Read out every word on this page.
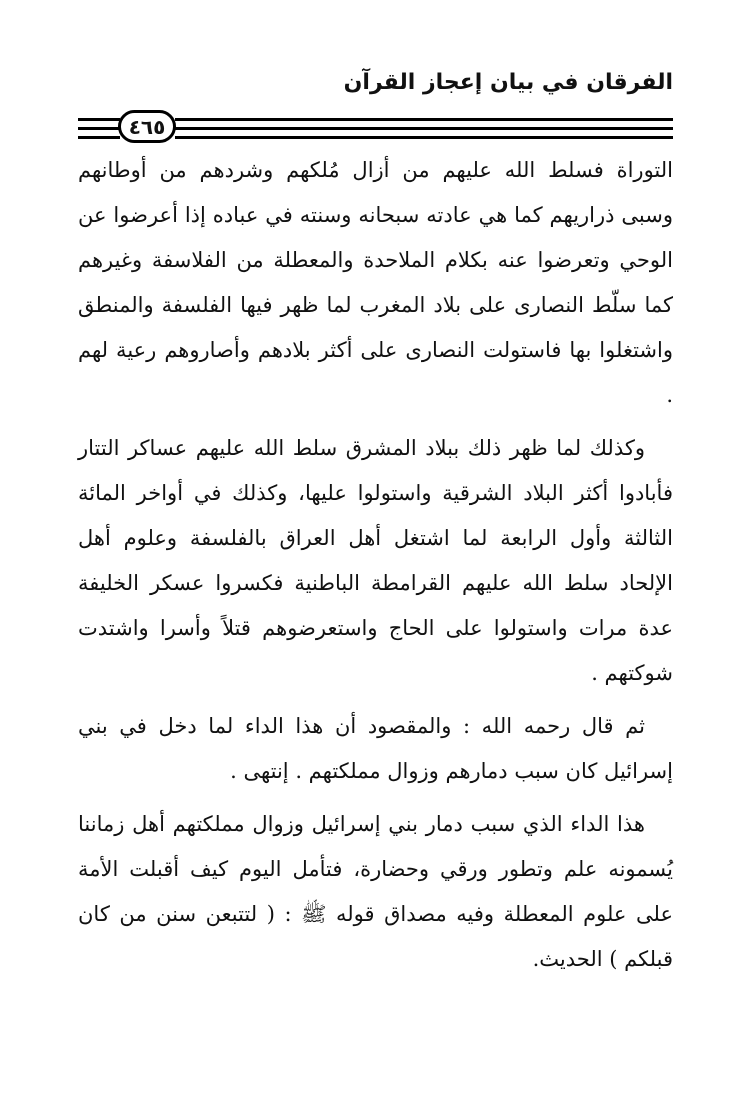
الفرقان في بيان إعجاز القرآن
٤٦٥

التوراة فسلط الله عليهم من أزال مُلكهم وشردهم من أوطانهم وسبى ذراريهم كما هي عادته سبحانه وسنته في عباده إذا أعرضوا عن الوحي وتعرضوا عنه بكلام الملاحدة والمعطلة من الفلاسفة وغيرهم كما سلّط النصارى على بلاد المغرب لما ظهر فيها الفلسفة والمنطق واشتغلوا بها فاستولت النصارى على أكثر بلادهم وأصاروهم رعية لهم .

وكذلك لما ظهر ذلك ببلاد المشرق سلط الله عليهم عساكر التتار فأبادوا أكثر البلاد الشرقية واستولوا عليها، وكذلك في أواخر المائة الثالثة وأول الرابعة لما اشتغل أهل العراق بالفلسفة وعلوم أهل الإلحاد سلط الله عليهم القرامطة الباطنية فكسروا عسكر الخليفة عدة مرات واستولوا على الحاج واستعرضوهم قتلاً وأسرا واشتدت شوكتهم .

ثم قال رحمه الله : والمقصود أن هذا الداء لما دخل في بني إسرائيل كان سبب دمارهم وزوال مملكتهم . إنتهى .

هذا الداء الذي سبب دمار بني إسرائيل وزوال مملكتهم أهل زماننا يُسمونه علم وتطور ورقي وحضارة، فتأمل اليوم كيف أقبلت الأمة على علوم المعطلة وفيه مصداق قوله ﷺ : ( لتتبعن سنن من كان قبلكم ) الحديث.
